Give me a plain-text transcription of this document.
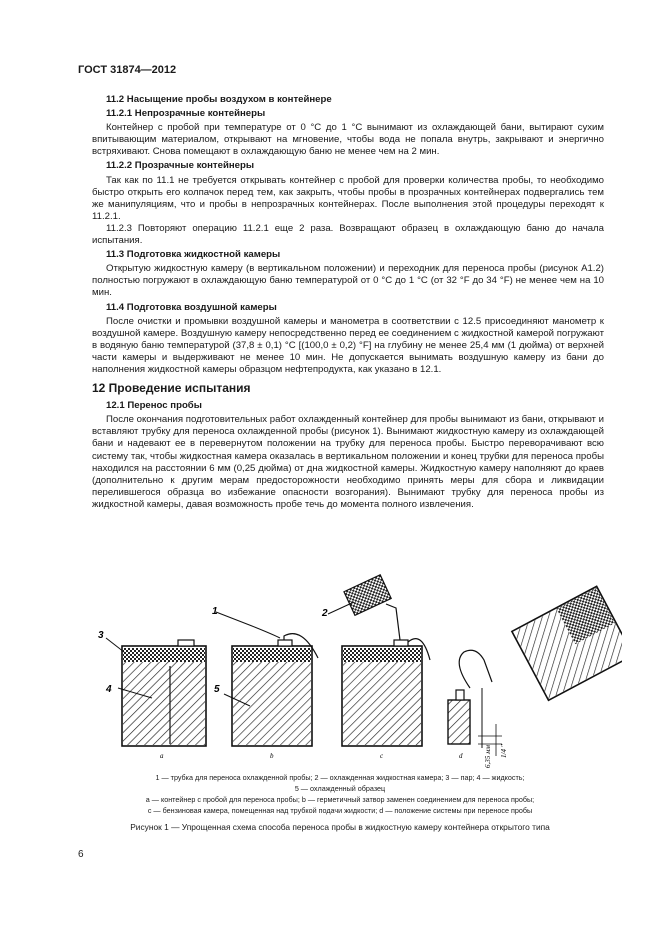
ГОСТ 31874—2012
11.2 Насыщение пробы воздухом в контейнере
11.2.1 Непрозрачные контейнеры

Контейнер с пробой при температуре от 0 °С до 1 °С вынимают из охлаждающей бани, вытирают сухим впитывающим материалом, открывают на мгновение, чтобы вода не попала внутрь, закрывают и энергично встряхивают. Снова помещают в охлаждающую баню не менее чем на 2 мин.

11.2.2 Прозрачные контейнеры

Так как по 11.1 не требуется открывать контейнер с пробой для проверки количества пробы, то необходимо быстро открыть его колпачок перед тем, как закрыть, чтобы пробы в прозрачных контейнерах подвергались тем же манипуляциям, что и пробы в непрозрачных контейнерах. После выполнения этой процедуры переходят к 11.2.1.

11.2.3 Повторяют операцию 11.2.1 еще 2 раза. Возвращают образец в охлаждающую баню до начала испытания.

11.3 Подготовка жидкостной камеры

Открытую жидкостную камеру (в вертикальном положении) и переходник для переноса пробы (рисунок А1.2) полностью погружают в охлаждающую баню температурой от 0 °С до 1 °С (от 32 °F до 34 °F) не менее чем на 10 мин.

11.4 Подготовка воздушной камеры

После очистки и промывки воздушной камеры и манометра в соответствии с 12.5 присоединяют манометр к воздушной камере. Воздушную камеру непосредственно перед ее соединением с жидкостной камерой погружают в водяную баню температурой (37,8 ± 0,1) °С [(100,0 ± 0,2) °F] на глубину не менее 25,4 мм (1 дюйма) от верхней части камеры и выдерживают не менее 10 мин. Не допускается вынимать воздушную камеру из бани до наполнения жидкостной камеры образцом нефтепродукта, как указано в 12.1.

12 Проведение испытания
12.1 Перенос пробы

После окончания подготовительных работ охлажденный контейнер для пробы вынимают из бани, открывают и вставляют трубку для переноса охлажденной пробы (рисунок 1). Вынимают жидкостную камеру из охлаждающей бани и надевают ее в перевернутом положении на трубку для переноса пробы. Быстро переворачивают всю систему так, чтобы жидкостная камера оказалась в вертикальном положении и конец трубки для переноса пробы находился на расстоянии 6 мм (0,25 дюйма) от дна жидкостной камеры. Жидкостную камеру наполняют до краев (дополнительно к другим мерам предосторожности необходимо принять меры для сбора и ликвидации перелившегося образца во избежание опасности возгорания). Вынимают трубку для переноса пробы из жидкостной камеры, давая возможность пробе течь до момента полного извлечения.

3
4
1
5
2
a	b	c	d	6,35 мм 1/4 "
1 — трубка для переноса охлажденной пробы; 2 — охлажденная жидкостная камера; 3 — пар; 4 — жидкость;
5 — охлажденный образец
а — контейнер с пробой для переноса пробы; b — герметичный затвор заменен соединением для переноса пробы;
с — бензиновая камера, помещенная над трубкой подачи жидкости; d — положение системы при переносе пробы
Рисунок 1 — Упрощенная схема способа переноса пробы в жидкостную камеру контейнера открытого типа
6
